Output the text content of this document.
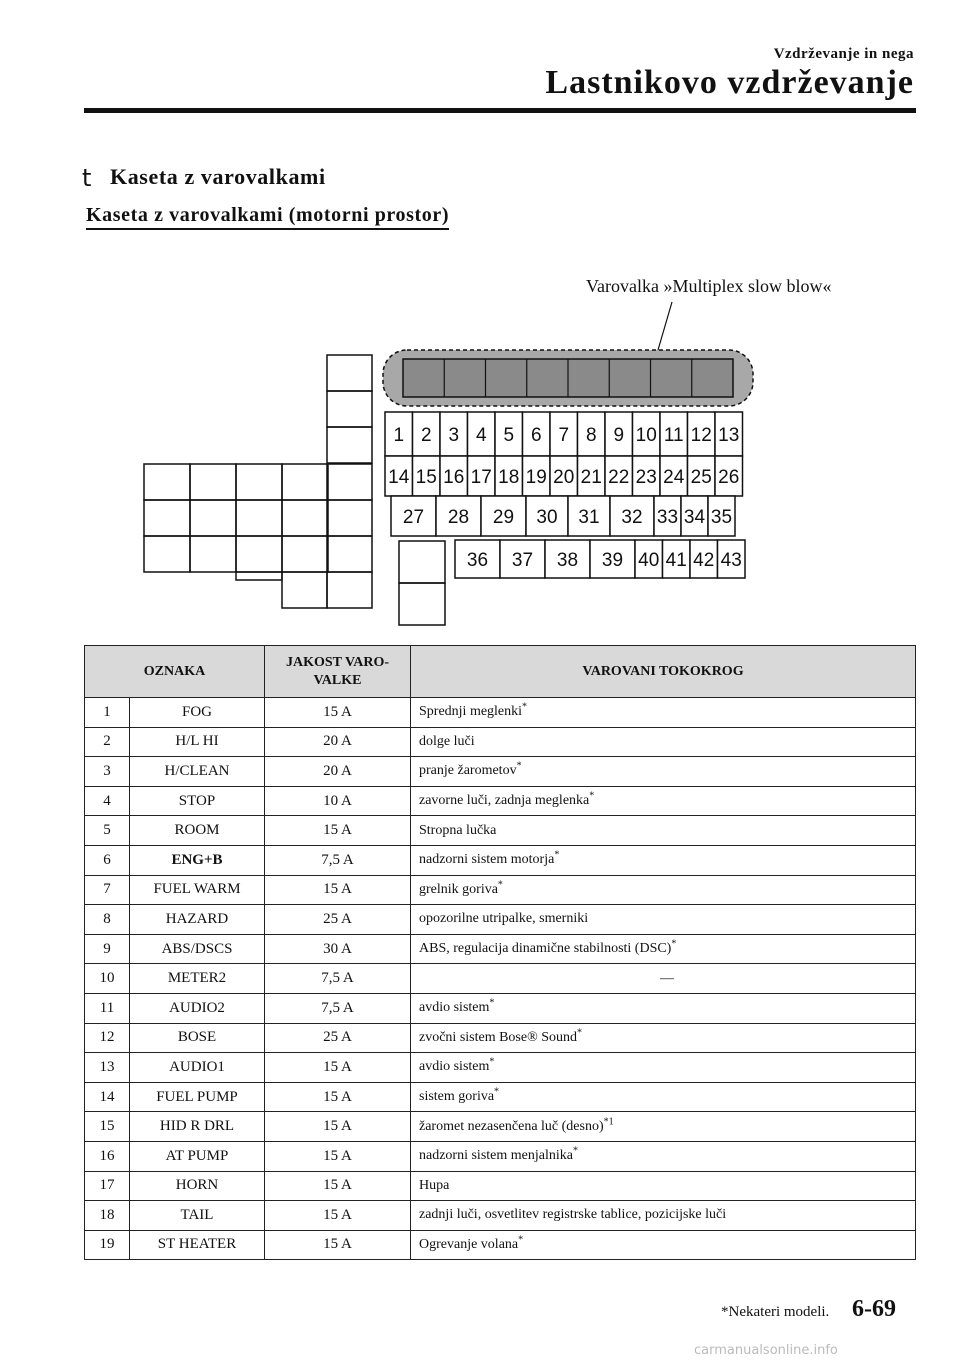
Vzdrževanje in nega
Lastnikovo vzdrževanje
t Kaseta z varovalkami
Kaseta z varovalkami (motorni prostor)
Varovalka »Multiplex slow blow«
1 2 3 4 5 6 7 8 9 10 11 12 13
14 15 16 17 18 19 20 21 22 23 24 25 26
27 28 29 30 31 32 33 34 35
36 37 38 39 40 41 42 43
OZNAKA		JAKOST VARO-
VALKE	VAROVANI TOKOKROG
1	FOG	15 A	Sprednji meglenki*
2	H/L HI	20 A	dolge luči
3	H/CLEAN	20 A	pranje žarometov*
4	STOP	10 A	zavorne luči, zadnja meglenka*
5	ROOM	15 A	Stropna lučka
6	ENG+B	7,5 A	nadzorni sistem motorja*
7	FUEL WARM	15 A	grelnik goriva*
8	HAZARD	25 A	opozorilne utripalke, smerniki
9	ABS/DSCS	30 A	ABS, regulacija dinamične stabilnosti (DSC)*
10	METER2	7,5 A	—

11	AUDIO2	7,5 A	avdio sistem*
12	BOSE	25 A	zvočni sistem Bose® Sound*
13	AUDIO1	15 A	avdio sistem*
14	FUEL PUMP	15 A	sistem goriva*
15	HID R DRL	15 A	žaromet nezasenčena luč (desno)$^{*1}$
16	AT PUMP	15 A	nadzorni sistem menjalnika*
17	HORN	15 A	Hupa
18	TAIL	15 A	zadnji luči, osvetlitev registrske tablice, pozicijske luči
19	ST HEATER	15 A	Ogrevanje volana*
*Nekateri modeli. 6-69
carmanualsonline.info
